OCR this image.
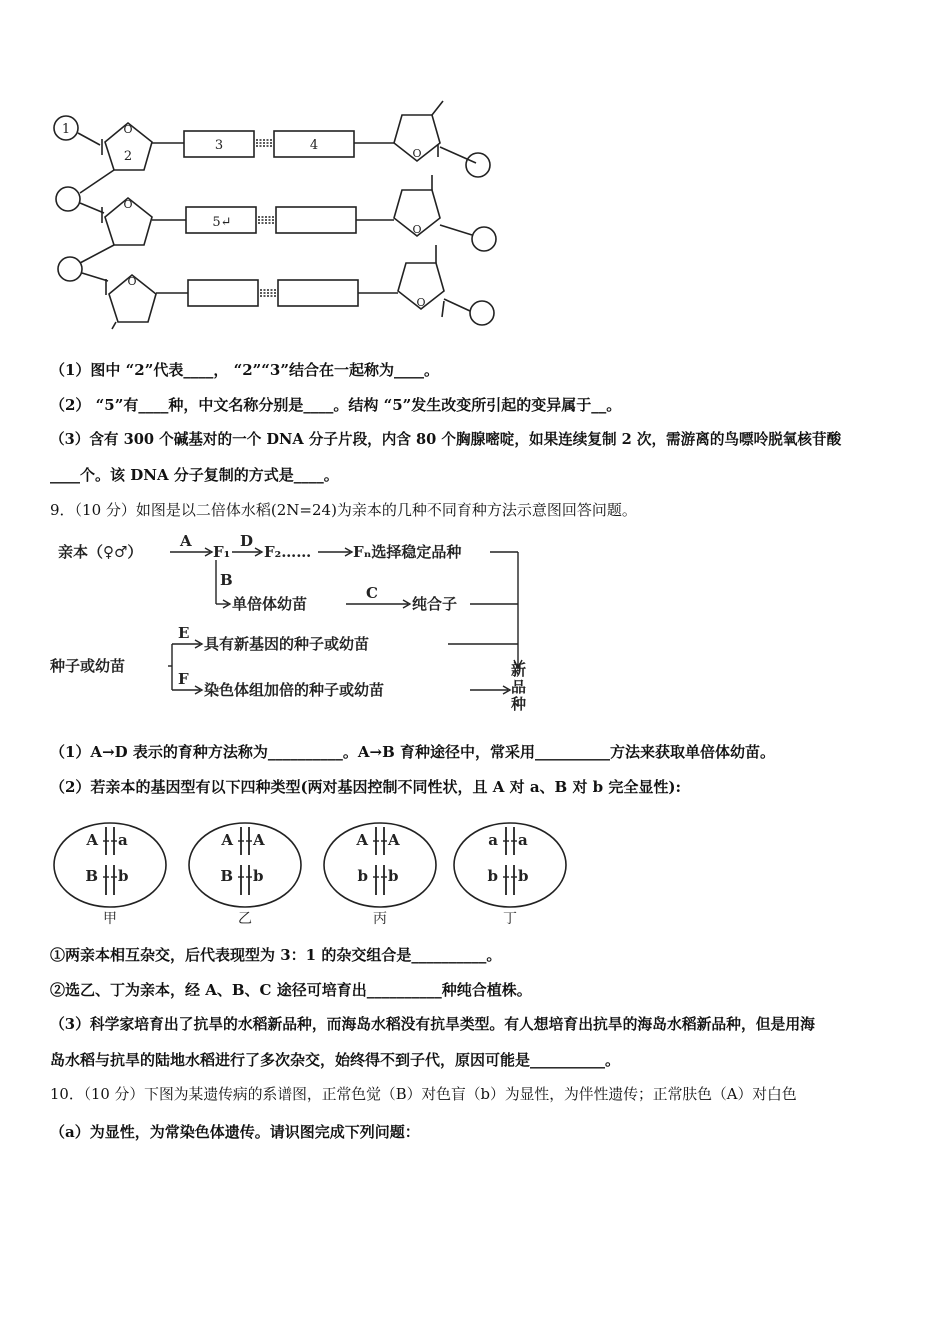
1
2
3	4
5↵
O
O
O
O
O
O
（1）图中 “2”代表____， “2”“3”结合在一起称为____。
（2） “5”有____种，中文名称分别是____。结构 “5”发生改变所引起的变异属于__。
（3）含有 300 个碱基对的一个 DNA 分子片段，内含 80 个胸腺嘧啶，如果连续复制 2 次，需游离的鸟嘌呤脱氧核苷酸
____个。该 DNA 分子复制的方式是____。
9．（10 分）如图是以二倍体水稻(2N=24)为亲本的几种不同育种方法示意图回答问题。
亲本（♀♂）
A
F₁
D
F₂……	Fₙ选择稳定品种
B
单倍体幼苗
C
纯合子
种子或幼苗
E
具有新基因的种子或幼苗
F
染色体组加倍的种子或幼苗
新
品
种
（1）A→D 表示的育种方法称为__________。A→B 育种途径中，常采用__________方法来获取单倍体幼苗。
（2）若亲本的基因型有以下四种类型(两对基因控制不同性状，且 A 对 a、B 对 b 完全显性):
A a
B b
甲
A A
B b
乙
A A
b b
丙
a a
b b
丁
①两亲本相互杂交，后代表现型为 3：1 的杂交组合是__________。
②选乙、丁为亲本，经 A、B、C 途径可培育出__________种纯合植株。
（3）科学家培育出了抗旱的水稻新品种，而海岛水稻没有抗旱类型。有人想培育出抗旱的海岛水稻新品种，但是用海
岛水稻与抗旱的陆地水稻进行了多次杂交，始终得不到子代，原因可能是__________。
10．（10 分）下图为某遗传病的系谱图，正常色觉（B）对色盲（b）为显性，为伴性遗传；正常肤色（A）对白色
（a）为显性，为常染色体遗传。请识图完成下列问题：
